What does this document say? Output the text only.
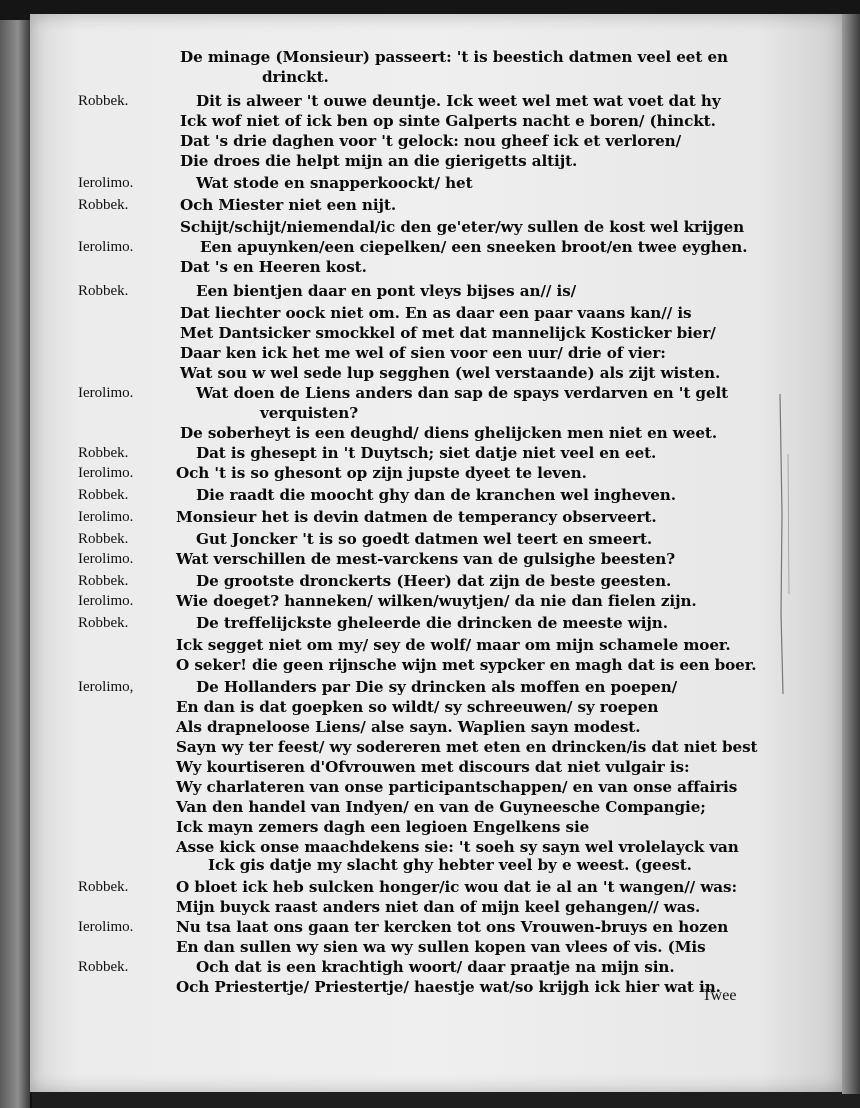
De minage (Monsieur) passeert: 't is beestich datmen veel eet en
drinckt.
Dit is alweer 't ouwe deuntje. Ick weet wel met wat voet dat hy
Robbek.
Ick wof niet of ick ben op sinte Galperts nacht e boren/ (hinckt.
Dat 's drie daghen voor 't gelock: nou gheef ick et verloren/
Die droes die helpt mijn an die gierigetts altijt.
Wat stode en snapperkoockt/ het
Ierolimo.
Och Miester niet een nijt.
Robbek.
Schijt/schijt/niemendal/ic den ge'eter/wy sullen de kost wel krijgen
Een apuynken/een ciepelken/ een sneeken broot/en twee eyghen.
Ierolimo.
Dat 's en Heeren kost.
Een bientjen daar en pont vleys bijses an// is/
Robbek.
Dat liechter oock niet om. En as daar een paar vaans kan// is
Met Dantsicker smockkel of met dat mannelijck Kosticker bier/
Daar ken ick het me wel of sien voor een uur/ drie of vier:
Wat sou w wel sede lup segghen (wel verstaande) als zijt wisten.
Wat doen de Liens anders dan sap de spays verdarven en 't gelt
Ierolimo.
verquisten?
De soberheyt is een deughd/ diens ghelijcken men niet en weet.
Dat is ghesept in 't Duytsch; siet datje niet veel en eet.
Robbek.
Och 't is so ghesont op zijn jupste dyeet te leven.
Ierolimo.
Die raadt die moocht ghy dan de kranchen wel ingheven.
Robbek.
Monsieur het is devin datmen de temperancy observeert.
Ierolimo.
Gut Joncker 't is so goedt datmen wel teert en smeert.
Robbek.
Wat verschillen de mest-varckens van de gulsighe beesten?
Ierolimo.
De grootste dronckerts (Heer) dat zijn de beste geesten.
Robbek.
Wie doeget? hanneken/ wilken/wuytjen/ da nie dan fielen zijn.
Ierolimo.
De treffelijckste gheleerde die drincken de meeste wijn.
Robbek.
Ick segget niet om my/ sey de wolf/ maar om mijn schamele moer.
O seker! die geen rijnsche wijn met sypcker en magh dat is een boer.
De Hollanders par Die sy drincken als moffen en poepen/
Ierolimo,
En dan is dat goepken so wildt/ sy schreeuwen/ sy roepen
Als drapneloose Liens/ alse sayn. Waplien sayn modest.
Sayn wy ter feest/ wy sodereren met eten en drincken/is dat niet best
Wy kourtiseren d'Ofvrouwen met discours dat niet vulgair is:
Wy charlateren van onse participantschappen/ en van onse affairis
Van den handel van Indyen/ en van de Guyneesche Compangie;
Ick mayn zemers dagh een legioen Engelkens sie
Asse kick onse maachdekens sie: 't soeh sy sayn wel vrolelayck van
Ick gis datje my slacht ghy hebter veel by e weest. (geest.
O bloet ick heb sulcken honger/ic wou dat ie al an 't wangen// was:
Robbek.
Mijn buyck raast anders niet dan of mijn keel gehangen// was.
Nu tsa laat ons gaan ter kercken tot ons Vrouwen-bruys en hozen
Ierolimo.
En dan sullen wy sien wa wy sullen kopen van vlees of vis. (Mis
Och dat is een krachtigh woort/ daar praatje na mijn sin.
Robbek.
Och Priestertje/ Priestertje/ haestje wat/so krijgh ick hier wat in.
Twee
